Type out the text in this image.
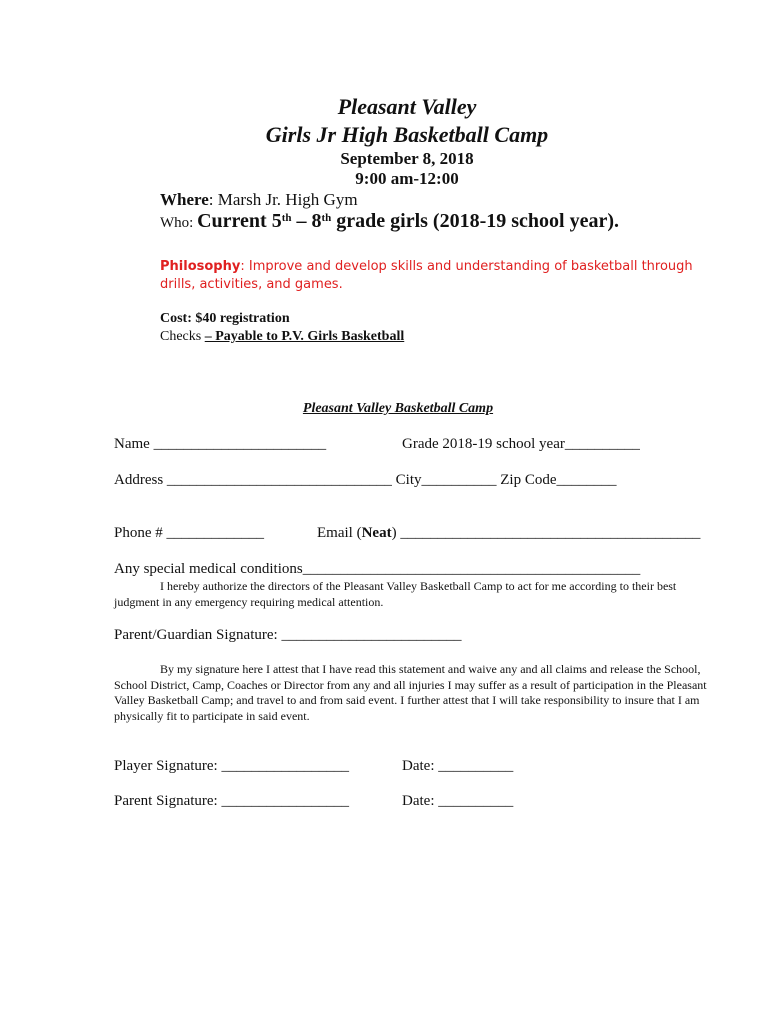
Pleasant Valley
Girls Jr High Basketball Camp
September 8, 2018
9:00 am-12:00
Where: Marsh Jr. High Gym
Who: Current 5th – 8th grade girls (2018-19 school year).
Philosophy: Improve and develop skills and understanding of basketball through drills, activities, and games.
Cost: $40 registration
Checks – Payable to P.V. Girls Basketball
Pleasant Valley Basketball Camp
Name _______________________	Grade 2018-19 school year__________
Address ______________________________ City__________ Zip Code________
Phone # _____________	Email (Neat) ________________________________________
Any special medical conditions_____________________________________________
I hereby authorize the directors of the Pleasant Valley Basketball Camp to act for me according to their best judgment in any emergency requiring medical attention.
Parent/Guardian Signature: ________________________
By my signature here I attest that I have read this statement and waive any and all claims and release the School, School District, Camp, Coaches or Director from any and all injuries I may suffer as a result of participation in the Pleasant Valley Basketball Camp; and travel to and from said event. I further attest that I will take responsibility to insure that I am physically fit to participate in said event.
Player Signature: _________________	Date: __________
Parent Signature: _________________	Date: __________
